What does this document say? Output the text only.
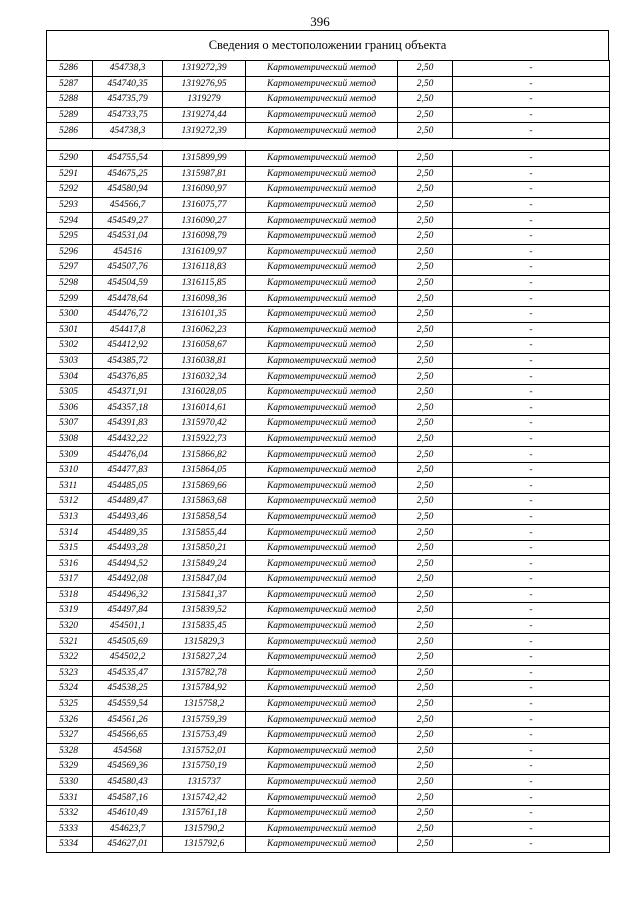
396
Сведения о местоположении границ объекта
5286	454738,3	1319272,39	Картометрический метод	2,50	-
5287	454740,35	1319276,95	Картометрический метод	2,50	-
5288	454735,79	1319279	Картометрический метод	2,50	-
5289	454733,75	1319274,44	Картометрический метод	2,50	-
5286	454738,3	1319272,39	Картометрический метод	2,50	-

5290	454755,54	1315899,99	Картометрический метод	2,50	-
5291	454675,25	1315987,81	Картометрический метод	2,50	-
5292	454580,94	1316090,97	Картометрический метод	2,50	-
5293	454566,7	1316075,77	Картометрический метод	2,50	-
5294	454549,27	1316090,27	Картометрический метод	2,50	-
5295	454531,04	1316098,79	Картометрический метод	2,50	-
5296	454516	1316109,97	Картометрический метод	2,50	-
5297	454507,76	1316118,83	Картометрический метод	2,50	-
5298	454504,59	1316115,85	Картометрический метод	2,50	-
5299	454478,64	1316098,36	Картометрический метод	2,50	-
5300	454476,72	1316101,35	Картометрический метод	2,50	-
5301	454417,8	1316062,23	Картометрический метод	2,50	-
5302	454412,92	1316058,67	Картометрический метод	2,50	-
5303	454385,72	1316038,81	Картометрический метод	2,50	-
5304	454376,85	1316032,34	Картометрический метод	2,50	-
5305	454371,91	1316028,05	Картометрический метод	2,50	-
5306	454357,18	1316014,61	Картометрический метод	2,50	-
5307	454391,83	1315970,42	Картометрический метод	2,50	-
5308	454432,22	1315922,73	Картометрический метод	2,50	-
5309	454476,04	1315866,82	Картометрический метод	2,50	-
5310	454477,83	1315864,05	Картометрический метод	2,50	-
5311	454485,05	1315869,66	Картометрический метод	2,50	-
5312	454489,47	1315863,68	Картометрический метод	2,50	-
5313	454493,46	1315858,54	Картометрический метод	2,50	-
5314	454489,35	1315855,44	Картометрический метод	2,50	-
5315	454493,28	1315850,21	Картометрический метод	2,50	-
5316	454494,52	1315849,24	Картометрический метод	2,50	-
5317	454492,08	1315847,04	Картометрический метод	2,50	-
5318	454496,32	1315841,37	Картометрический метод	2,50	-
5319	454497,84	1315839,52	Картометрический метод	2,50	-
5320	454501,1	1315835,45	Картометрический метод	2,50	-
5321	454505,69	1315829,3	Картометрический метод	2,50	-
5322	454502,2	1315827,24	Картометрический метод	2,50	-
5323	454535,47	1315782,78	Картометрический метод	2,50	-
5324	454538,25	1315784,92	Картометрический метод	2,50	-
5325	454559,54	1315758,2	Картометрический метод	2,50	-
5326	454561,26	1315759,39	Картометрический метод	2,50	-
5327	454566,65	1315753,49	Картометрический метод	2,50	-
5328	454568	1315752,01	Картометрический метод	2,50	-
5329	454569,36	1315750,19	Картометрический метод	2,50	-
5330	454580,43	1315737	Картометрический метод	2,50	-
5331	454587,16	1315742,42	Картометрический метод	2,50	-
5332	454610,49	1315761,18	Картометрический метод	2,50	-
5333	454623,7	1315790,2	Картометрический метод	2,50	-
5334	454627,01	1315792,6	Картометрический метод	2,50	-
